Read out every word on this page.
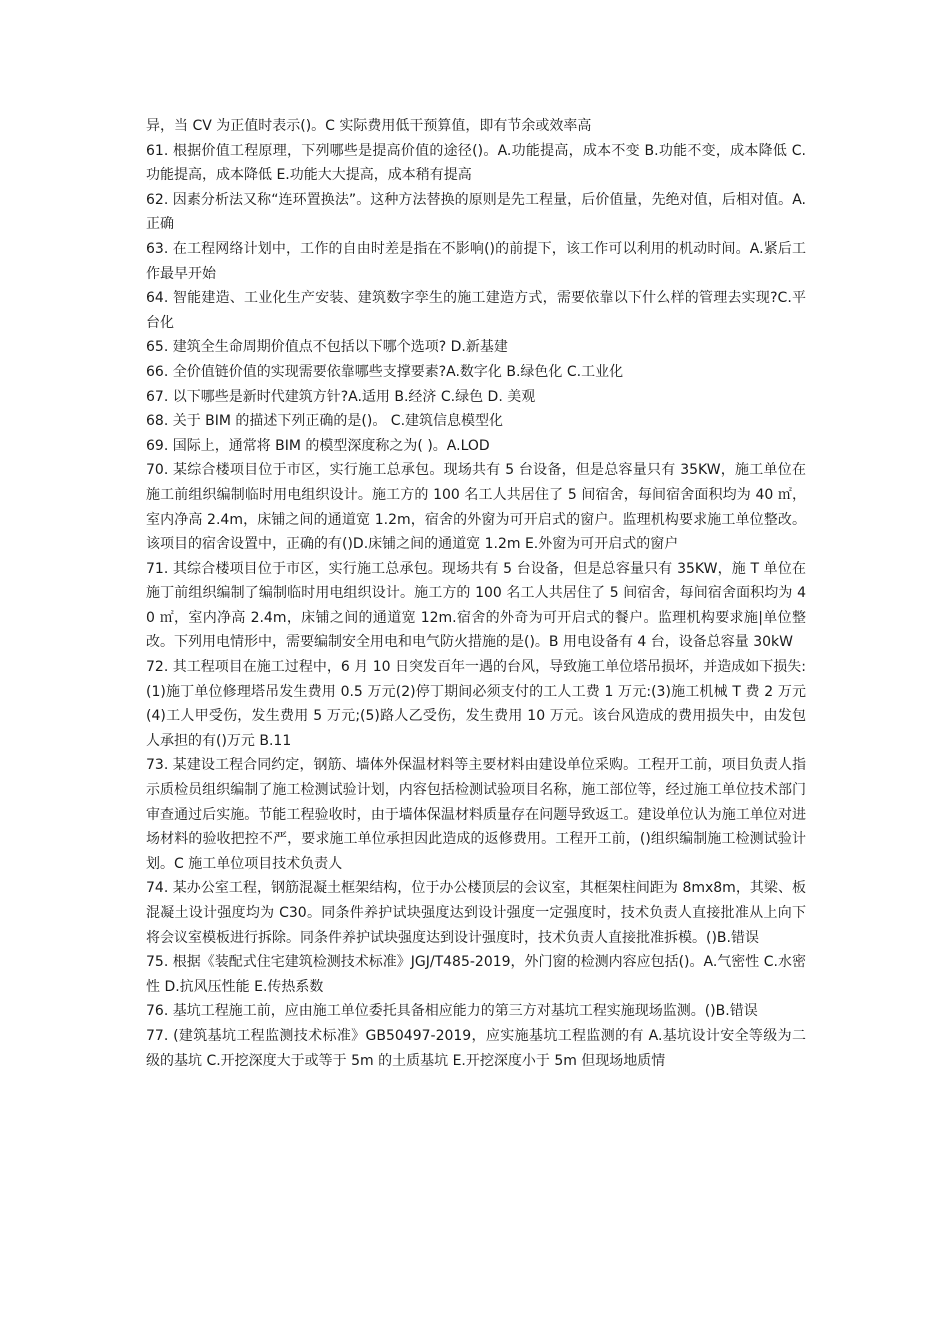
异，当 CV 为正值时表示()。C 实际费用低干预算值，即有节余或效率高

61. 根据价值工程原理，下列哪些是提高价值的途径()。A.功能提高，成本不变 B.功能不变，成本降低 C.功能提高，成本降低 E.功能大大提高，成本稍有提高

62. 因素分析法又称“连环置换法”。这种方法替换的原则是先工程量，后价值量，先绝对值，后相对值。A.正确

63. 在工程网络计划中，工作的自由时差是指在不影响()的前提下，该工作可以利用的机动时间。A.紧后工作最早开始

64. 智能建造、工业化生产安装、建筑数字孪生的施工建造方式，需要依靠以下什么样的管理去实现?C.平台化

65. 建筑全生命周期价值点不包括以下哪个选项? D.新基建

66. 全价值链价值的实现需要依靠哪些支撑要素?A.数字化 B.绿色化 C.工业化

67. 以下哪些是新时代建筑方针?A.适用 B.经济 C.绿色 D. 美观

68. 关于 BIM 的描述下列正确的是()。 C.建筑信息模型化

69. 国际上，通常将 BIM 的模型深度称之为( )。A.LOD

70. 某综合楼项目位于市区，实行施工总承包。现场共有 5 台设备，但是总容量只有 35KW，施工单位在施工前组织编制临时用电组织设计。施工方的 100 名工人共居住了 5 间宿舍，每间宿舍面积均为 40 ㎡，室内净高 2.4m，床铺之间的通道宽 1.2m，宿舍的外窗为可开启式的窗户。监理机构要求施工单位整改。该项目的宿舍设置中，正确的有()D.床铺之间的通道宽 1.2m E.外窗为可开启式的窗户

71. 其综合楼项目位于市区，实行施工总承包。现场共有 5 台设备，但是总容量只有 35KW，施 T 单位在施丁前组织编制了编制临时用电组织设计。施工方的 100 名工人共居住了 5 间宿舍，每间宿舍面积均为 40 ㎡，室内净高 2.4m，床铺之间的通道宽 12m.宿舍的外奇为可开启式的餐户。监理机构要求施|单位整改。下列用电情形中，需要编制安全用电和电气防火措施的是()。B 用电设备有 4 台，设备总容量 30kW

72. 其工程项目在施工过程中，6 月 10 日突发百年一遇的台风，导致施工单位塔吊损坏，并造成如下损失:(1)施丁单位修理塔吊发生费用 0.5 万元(2)停丁期间必须支付的工人工费 1 万元:(3)施工机械 T 费 2 万元(4)工人甲受伤，发生费用 5 万元;(5)路人乙受伤，发生费用 10 万元。该台风造成的费用损失中，由发包人承担的有()万元 B.11

73. 某建设工程合同约定，钢筋、墙体外保温材料等主要材料由建设单位采购。工程开工前，项目负责人指示质检员组织编制了施工检测试验计划，内容包括检测试验项目名称，施工部位等，经过施工单位技术部门审查通过后实施。节能工程验收时，由于墙体保温材料质量存在问题导致返工。建设单位认为施工单位对进场材料的验收把控不严，要求施工单位承担因此造成的返修费用。工程开工前，()组织编制施工检测试验计划。C 施工单位项目技术负责人

74. 某办公室工程，钢筋混凝土框架结构，位于办公楼顶层的会议室，其框架柱间距为 8mx8m，其梁、板混凝土设计强度均为 C30。同条件养护试块强度达到设计强度一定强度时，技术负责人直接批准从上向下将会议室模板进行拆除。同条件养护试块强度达到设计强度时，技术负责人直接批准拆模。()B.错误

75. 根据《装配式住宅建筑检测技术标准》JGJ/T485-2019，外门窗的检测内容应包括()。A.气密性 C.水密性 D.抗风压性能 E.传热系数

76. 基坑工程施工前，应由施工单位委托具备相应能力的第三方对基坑工程实施现场监测。()B.错误

77. (建筑基坑工程监测技术标准》GB50497-2019，应实施基坑工程监测的有 A.基坑设计安全等级为二级的基坑 C.开挖深度大于或等于 5m 的土质基坑 E.开挖深度小于 5m 但现场地质情
